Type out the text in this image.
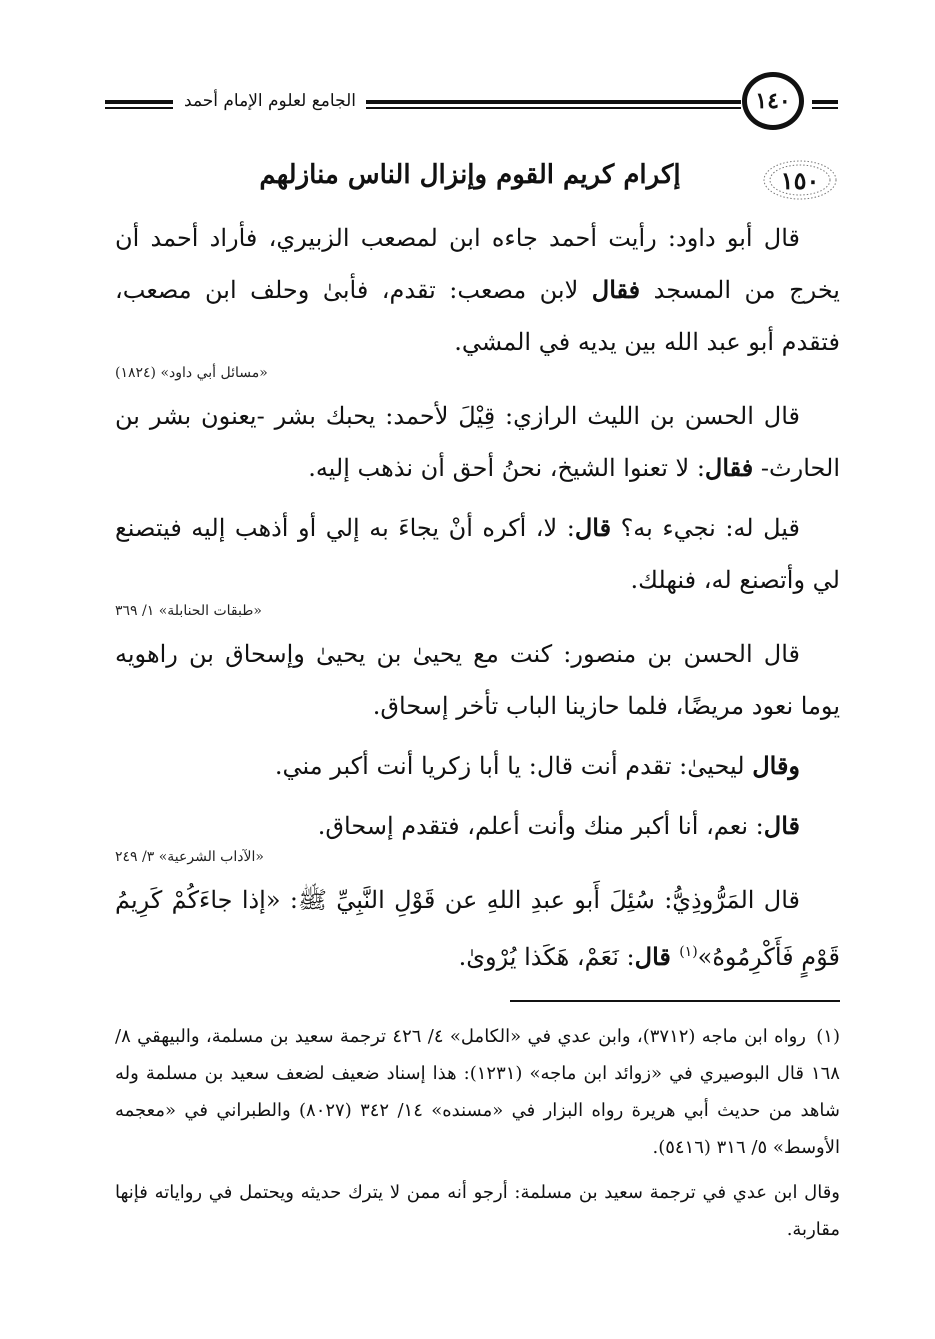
الجامع لعلوم الإمام أحمد	١٤٠
١٥٠
إكرام كريم القوم وإنزال الناس منازلهم

قال أبو داود: رأيت أحمد جاءه ابن لمصعب الزبيري، فأراد أحمد أن يخرج من المسجد فقال لابن مصعب: تقدم، فأبىٰ وحلف ابن مصعب، فتقدم أبو عبد الله بين يديه في المشي.

«مسائل أبي داود» (١٨٢٤)

قال الحسن بن الليث الرازي: قِيْلَ لأحمد: يحبك بشر -يعنون بشر بن الحارث- فقال: لا تعنوا الشيخ، نحنُ أحق أن نذهب إليه.

قيل له: نجيء به؟ قال: لا، أكره أنْ يجاءَ به إلي أو أذهب إليه فيتصنع لي وأتصنع له، فنهلك.

«طبقات الحنابلة» ١/ ٣٦٩

قال الحسن بن منصور: كنت مع يحيىٰ بن يحيىٰ وإسحاق بن راهويه يوما نعود مريضًا، فلما حازينا الباب تأخر إسحاق.

وقال ليحيىٰ: تقدم أنت قال: يا أبا زكريا أنت أكبر مني.

قال: نعم، أنا أكبر منك وأنت أعلم، فتقدم إسحاق.

«الآداب الشرعية» ٣/ ٢٤٩

قال المَرُّوذِيُّ: سُئِلَ أَبو عبدِ اللهِ عن قَوْلِ النَّبِيِّ ﷺ: «إذا جاءَكُمْ كَرِيمُ قَوْمٍ فَأَكْرِمُوهُ»$^{(١)}$ قال: نَعَمْ، هَكَذا يُرْوىٰ.

(١)رواه ابن ماجه (٣٧١٢)، وابن عدي في «الكامل» ٤/ ٤٢٦ ترجمة سعيد بن مسلمة، والبيهقي ٨/ ١٦٨ قال البوصيري في «زوائد ابن ماجه» (١٢٣١): هذا إسناد ضعيف لضعف سعيد بن مسلمة وله شاهد من حديث أبي هريرة رواه البزار في «مسنده» ١٤/ ٣٤٢ (٨٠٢٧) والطبراني في «معجمه الأوسط» ٥/ ٣١٦ (٥٤١٦).

وقال ابن عدي في ترجمة سعيد بن مسلمة: أرجو أنه ممن لا يترك حديثه ويحتمل في رواياته فإنها مقاربة.
